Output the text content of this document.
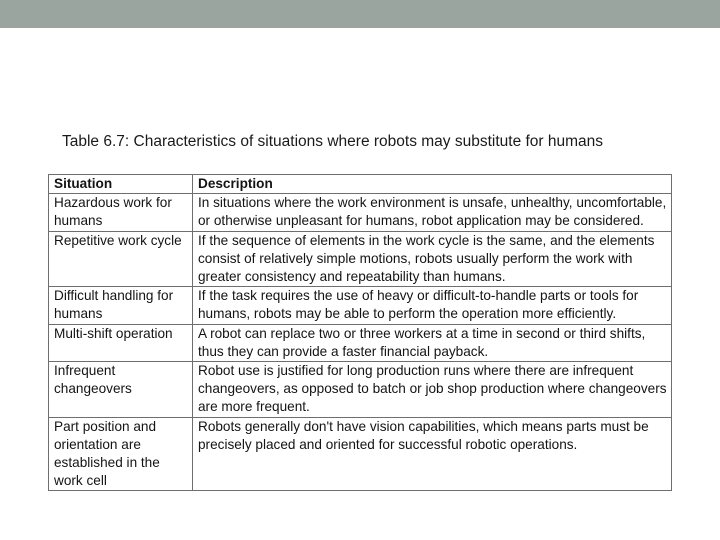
Table 6.7: Characteristics of situations where robots may substitute for humans
Situation	Description
Hazardous work for humans	In situations where the work environment is unsafe, unhealthy, uncomfortable, or otherwise unpleasant for humans, robot application may be considered.
Repetitive work cycle	If the sequence of elements in the work cycle is the same, and the elements consist of relatively simple motions, robots usually perform the work with greater consistency and repeatability than humans.
Difficult handling for humans	If the task requires the use of heavy or difficult-to-handle parts or tools for humans, robots may be able to perform the operation more efficiently.
Multi-shift operation	A robot can replace two or three workers at a time in second or third shifts, thus they can provide a faster financial payback.
Infrequent changeovers	Robot use is justified for long production runs where there are infrequent changeovers, as opposed to batch or job shop production where changeovers are more frequent.
Part position and orientation are established in the work cell	Robots generally don't have vision capabilities, which means parts must be precisely placed and oriented for successful robotic operations.
